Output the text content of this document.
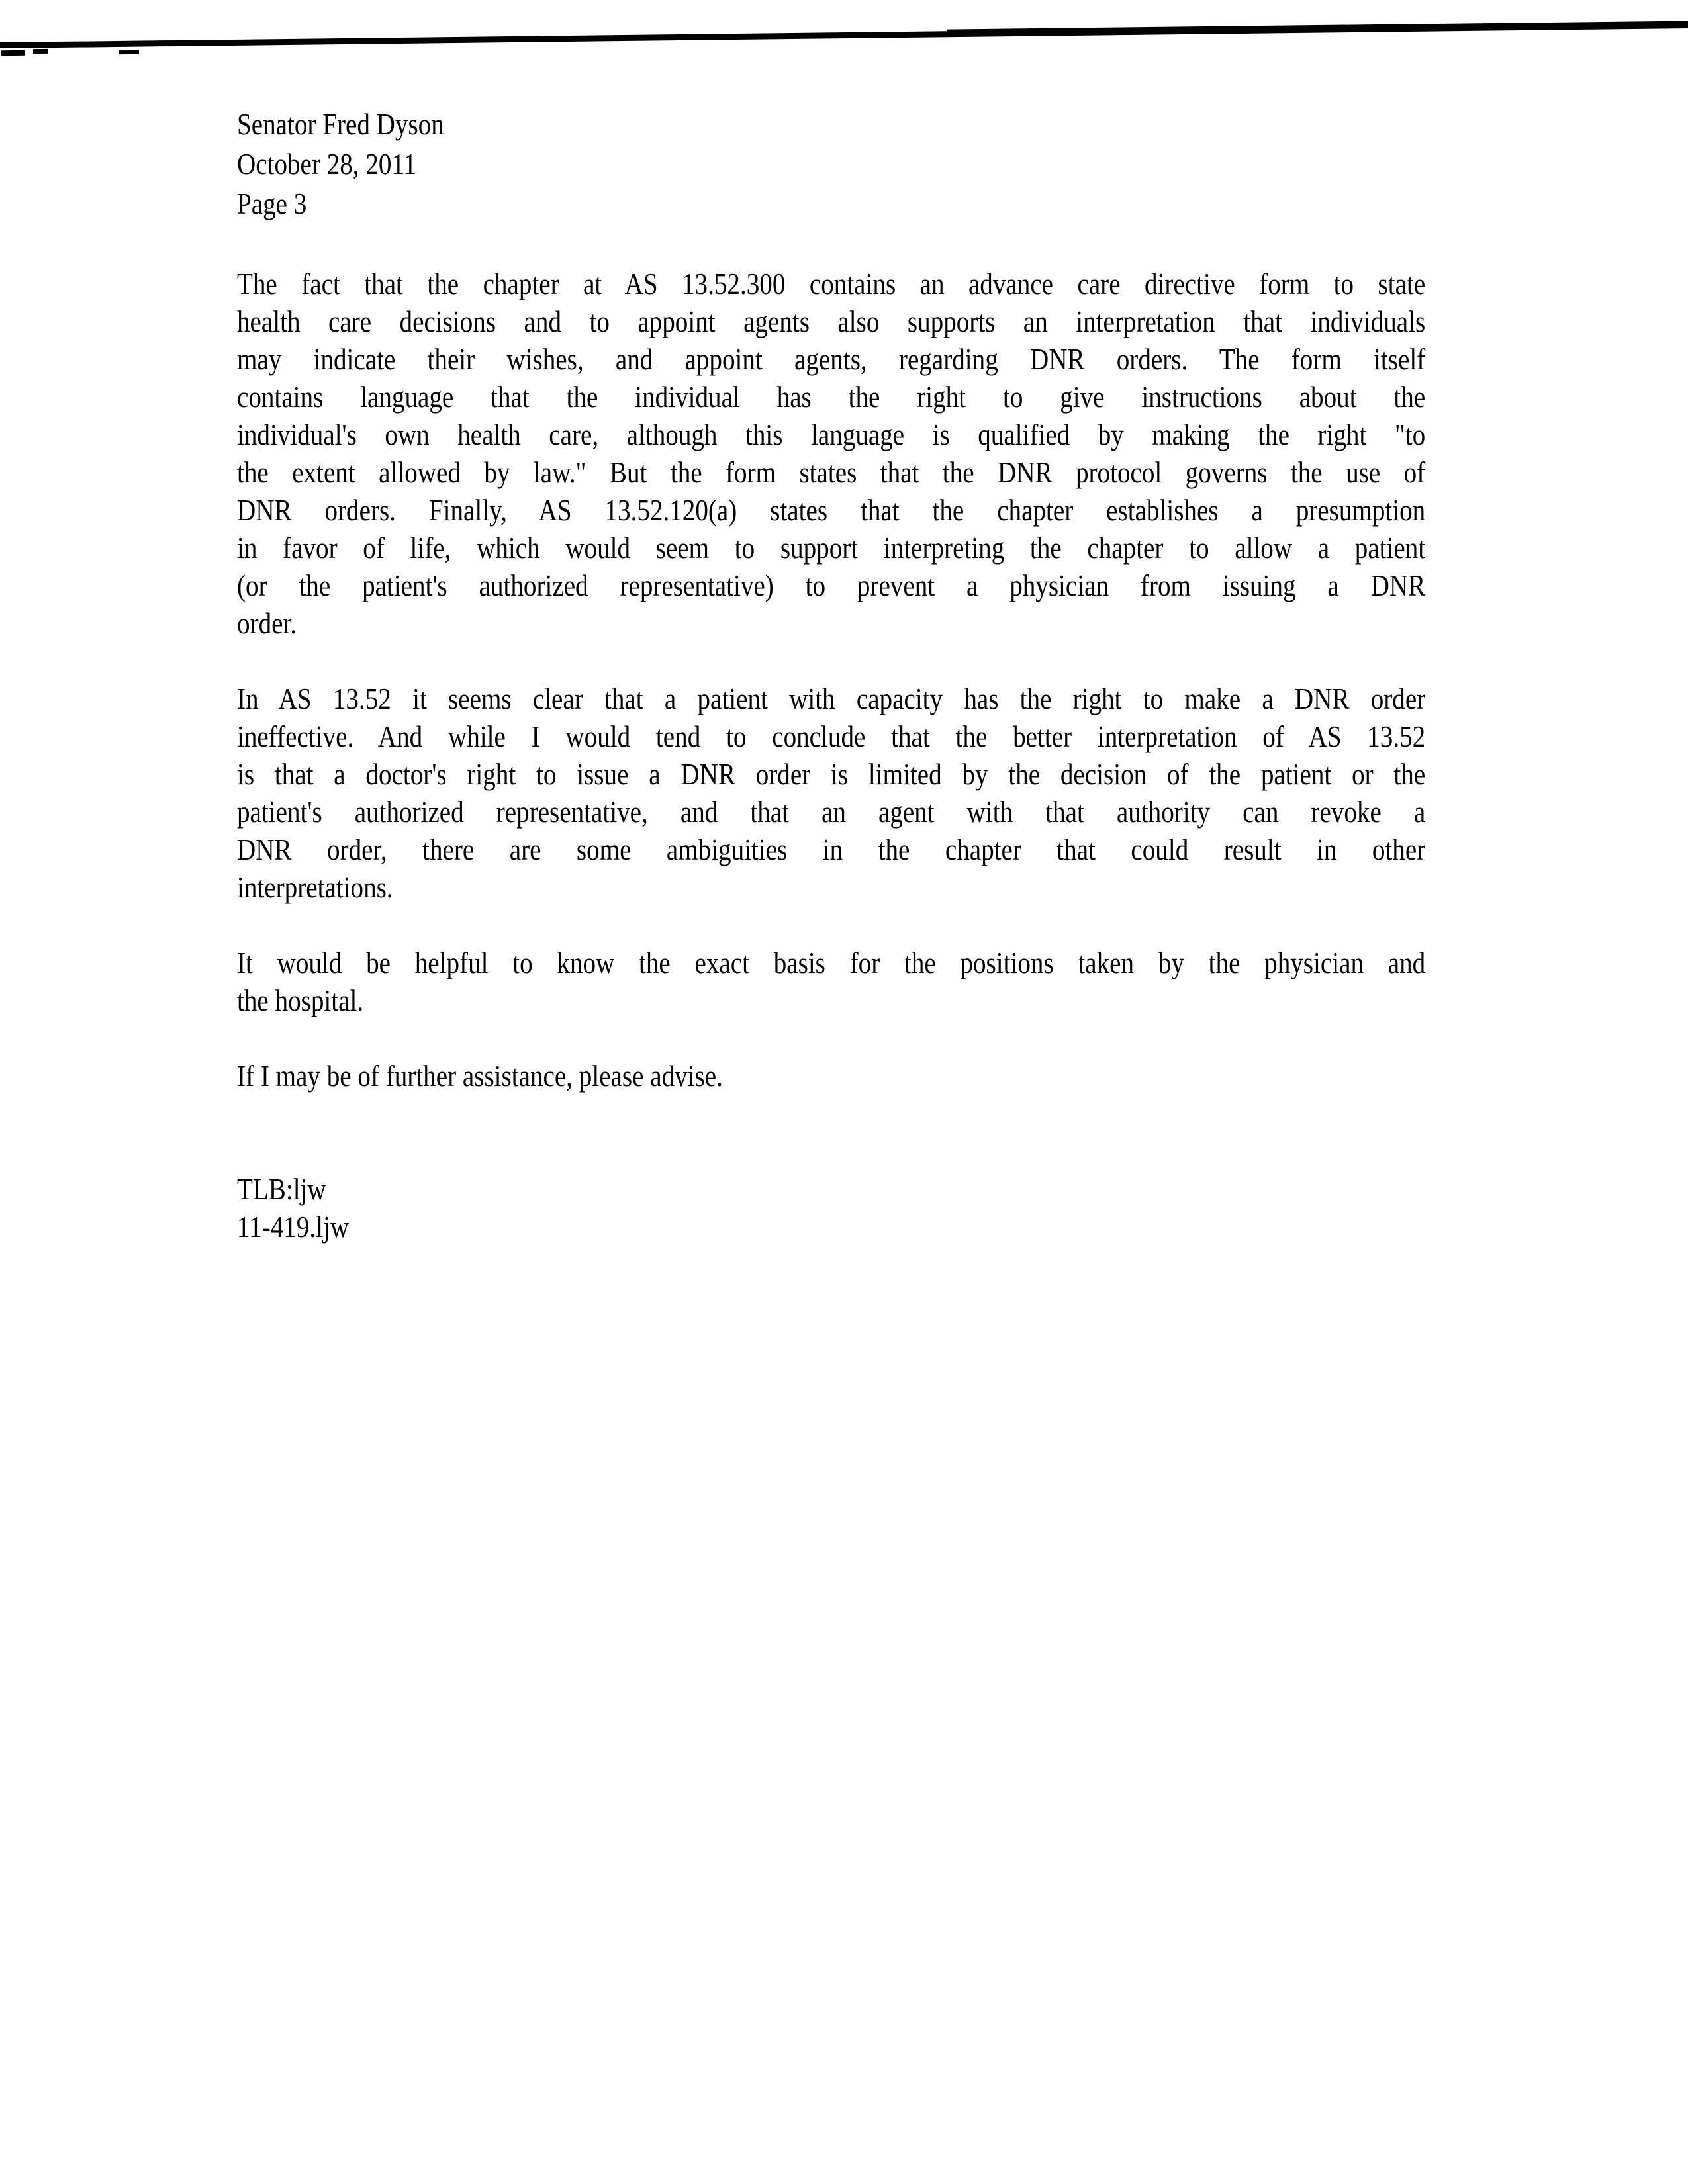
Senator Fred Dyson
October 28, 2011
Page 3
The fact that the chapter at AS 13.52.300 contains an advance care directive form to state
health care decisions and to appoint agents also supports an interpretation that individuals
may indicate their wishes, and appoint agents, regarding DNR orders. The form itself
contains language that the individual has the right to give instructions about the
individual's own health care, although this language is qualified by making the right "to
the extent allowed by law." But the form states that the DNR protocol governs the use of
DNR orders. Finally, AS 13.52.120(a) states that the chapter establishes a presumption
in favor of life, which would seem to support interpreting the chapter to allow a patient
(or the patient's authorized representative) to prevent a physician from issuing a DNR
order.
In AS 13.52 it seems clear that a patient with capacity has the right to make a DNR order
ineffective. And while I would tend to conclude that the better interpretation of AS 13.52
is that a doctor's right to issue a DNR order is limited by the decision of the patient or the
patient's authorized representative, and that an agent with that authority can revoke a
DNR order, there are some ambiguities in the chapter that could result in other
interpretations.
It would be helpful to know the exact basis for the positions taken by the physician and
the hospital.
If I may be of further assistance, please advise.
TLB:ljw
11-419.ljw
